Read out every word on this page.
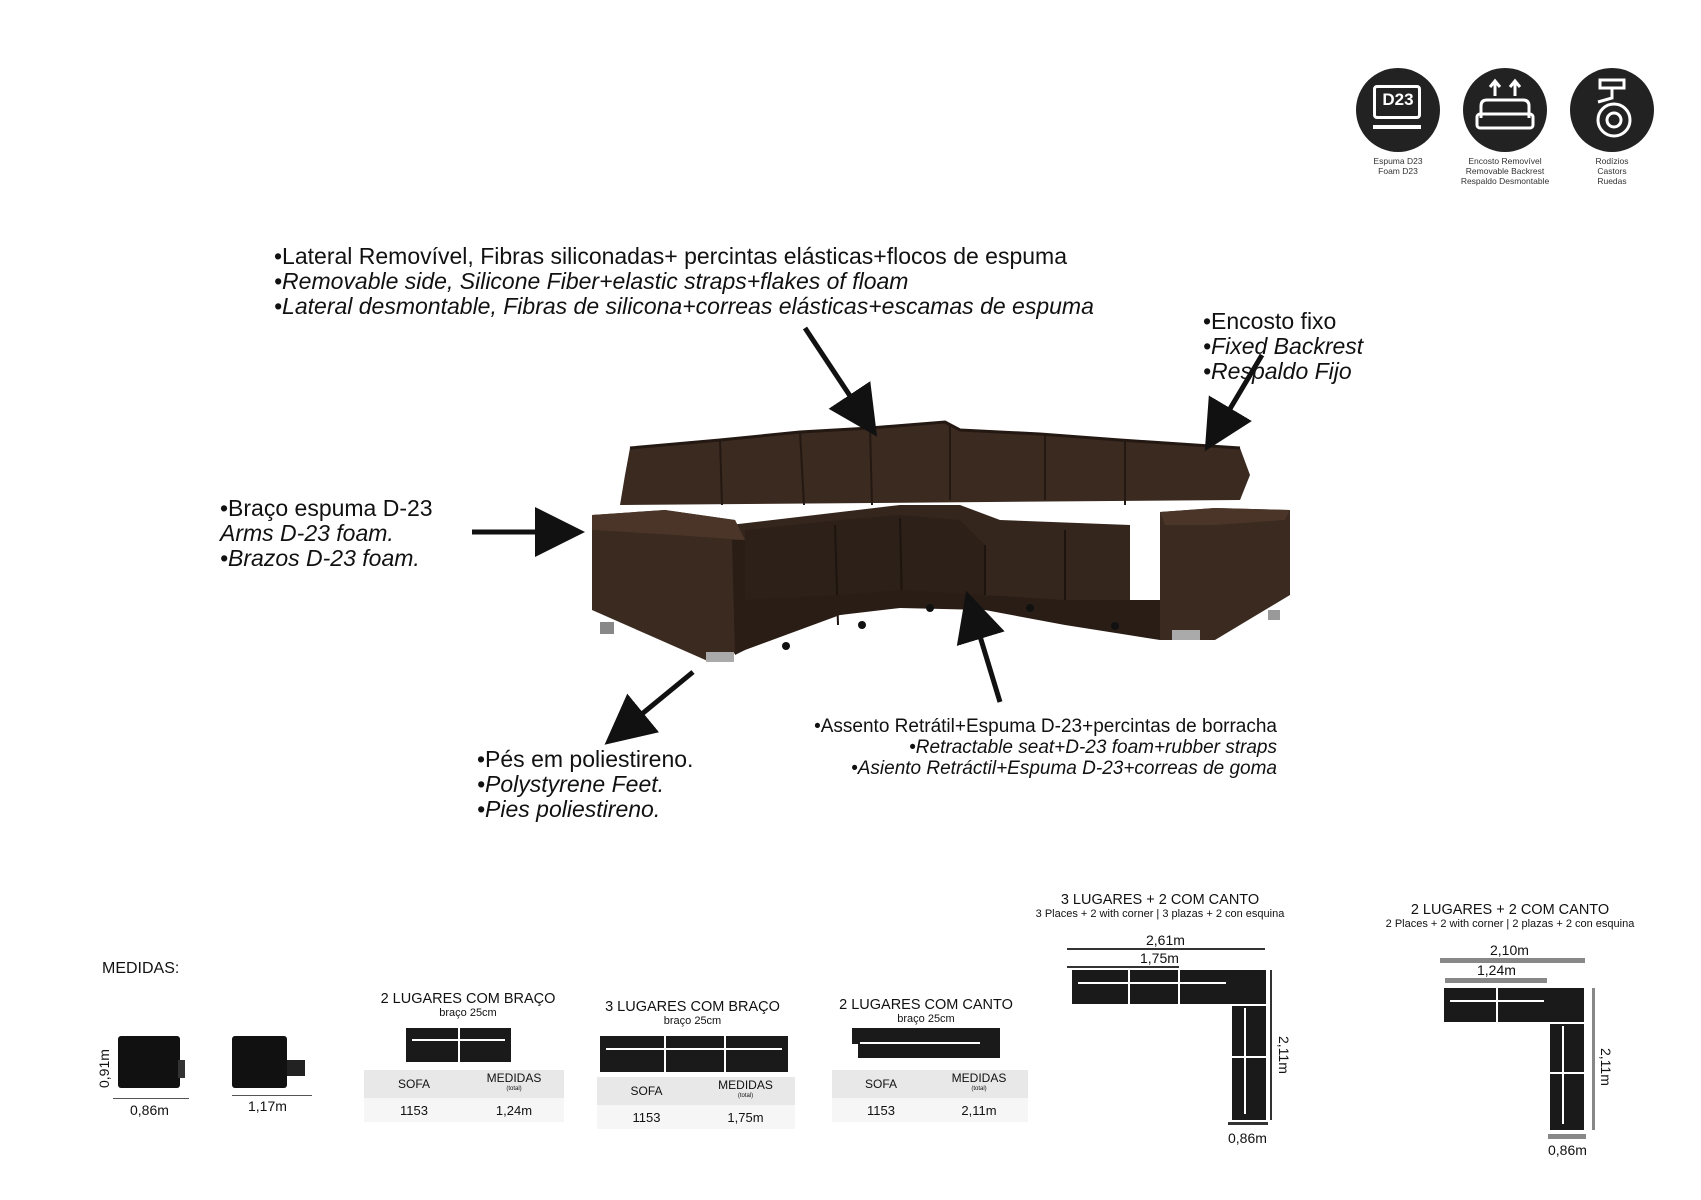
D23
Espuma D23
Foam D23
Encosto Removível
Removable Backrest
Respaldo Desmontable
Rodízios
Castors
Ruedas
•Lateral Removível, Fibras siliconadas+ percintas elásticas+flocos de espuma
•Removable side, Silicone Fiber+elastic straps+flakes of floam
•Lateral desmontable, Fibras de silicona+correas elásticas+escamas de espuma
•Encosto fixo
•Fixed Backrest
•Respaldo Fijo
•Braço espuma D-23
Arms D-23 foam.
•Brazos D-23 foam.
•Pés em poliestireno.
•Polystyrene Feet.
•Pies poliestireno.
•Assento Retrátil+Espuma D-23+percintas de borracha
•Retractable seat+D-23 foam+rubber straps
•Asiento Retráctil+Espuma D-23+correas de goma
MEDIDAS:
0,91m
0,86m	1,17m
2 LUGARES COM BRAÇO
braço 25cm
SOFA	MEDIDAS
(total)
1153	1,24m
3 LUGARES COM BRAÇO
braço 25cm
SOFA	MEDIDAS
(total)
1153	1,75m
2 LUGARES COM CANTO
braço 25cm
SOFA	MEDIDAS
(total)
1153	2,11m
3 LUGARES + 2 COM CANTO
3 Places + 2 with corner | 3 plazas + 2 con esquina
2,61m
1,75m
2,11m
0,86m
2 LUGARES + 2 COM CANTO
2 Places + 2 with corner | 2 plazas + 2 con esquina
2,10m
1,24m
2,11m
0,86m
